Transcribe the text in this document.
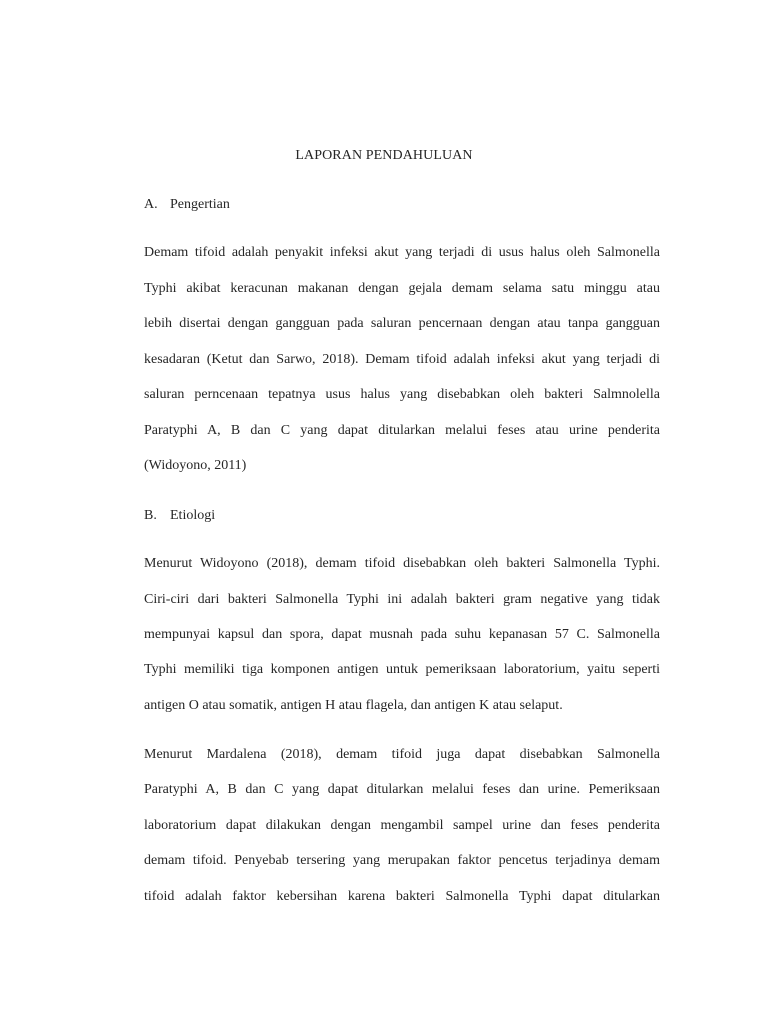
LAPORAN PENDAHULUAN
A. Pengertian
Demam tifoid adalah penyakit infeksi akut yang terjadi di usus halus oleh Salmonella
Typhi akibat keracunan makanan dengan gejala demam selama satu minggu atau
lebih disertai dengan gangguan pada saluran pencernaan dengan atau tanpa gangguan
kesadaran (Ketut dan Sarwo, 2018). Demam tifoid adalah infeksi akut yang terjadi di
saluran perncenaan tepatnya usus halus yang disebabkan oleh bakteri Salmnolella
Paratyphi A, B dan C yang dapat ditularkan melalui feses atau urine penderita
(Widoyono, 2011)
B. Etiologi
Menurut Widoyono (2018), demam tifoid disebabkan oleh bakteri Salmonella Typhi.
Ciri-ciri dari bakteri Salmonella Typhi ini adalah bakteri gram negative yang tidak
mempunyai kapsul dan spora, dapat musnah pada suhu kepanasan 57 C. Salmonella
Typhi memiliki tiga komponen antigen untuk pemeriksaan laboratorium, yaitu seperti
antigen O atau somatik, antigen H atau flagela, dan antigen K atau selaput.
Menurut Mardalena (2018), demam tifoid juga dapat disebabkan Salmonella
Paratyphi A, B dan C yang dapat ditularkan melalui feses dan urine. Pemeriksaan
laboratorium dapat dilakukan dengan mengambil sampel urine dan feses penderita
demam tifoid. Penyebab tersering yang merupakan faktor pencetus terjadinya demam
tifoid adalah faktor kebersihan karena bakteri Salmonella Typhi dapat ditularkan
